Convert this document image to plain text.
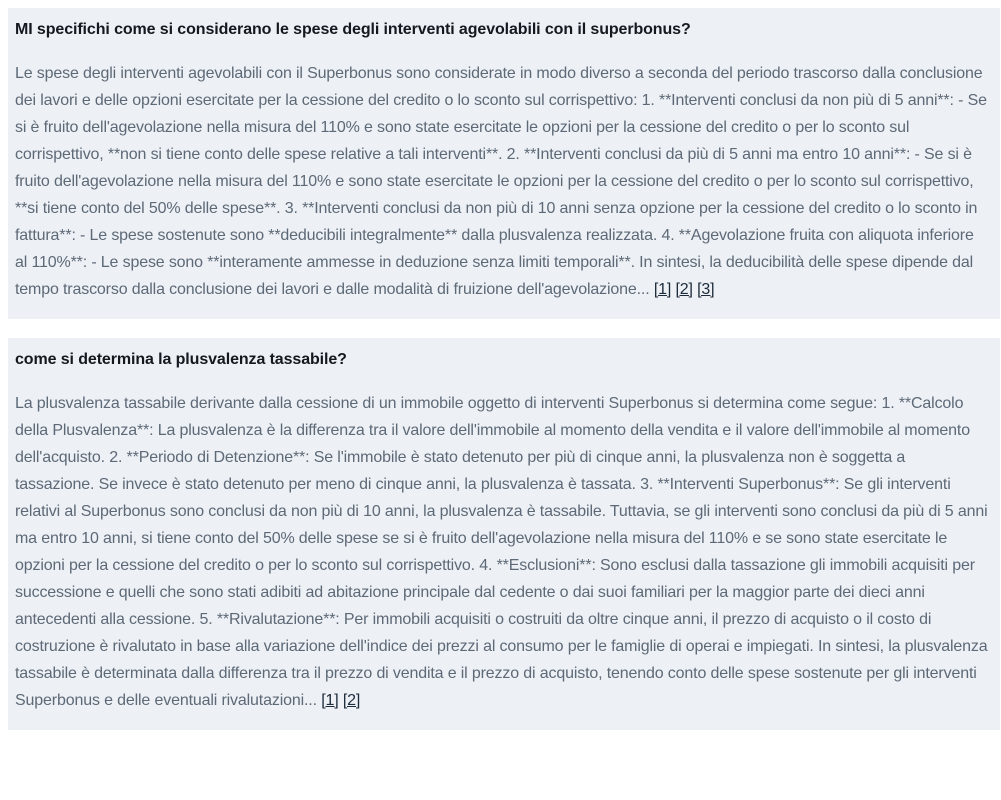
MI specifichi come si considerano le spese degli interventi agevolabili con il superbonus?

Le spese degli interventi agevolabili con il Superbonus sono considerate in modo diverso a seconda del periodo trascorso dalla conclusione dei lavori e delle opzioni esercitate per la cessione del credito o lo sconto sul corrispettivo: 1. **Interventi conclusi da non più di 5 anni**: - Se si è fruito dell'agevolazione nella misura del 110% e sono state esercitate le opzioni per la cessione del credito o per lo sconto sul corrispettivo, **non si tiene conto delle spese relative a tali interventi**. 2. **Interventi conclusi da più di 5 anni ma entro 10 anni**: - Se si è fruito dell'agevolazione nella misura del 110% e sono state esercitate le opzioni per la cessione del credito o per lo sconto sul corrispettivo, **si tiene conto del 50% delle spese**. 3. **Interventi conclusi da non più di 10 anni senza opzione per la cessione del credito o lo sconto in fattura**: - Le spese sostenute sono **deducibili integralmente** dalla plusvalenza realizzata. 4. **Agevolazione fruita con aliquota inferiore al 110%**: - Le spese sono **interamente ammesse in deduzione senza limiti temporali**. In sintesi, la deducibilità delle spese dipende dal tempo trascorso dalla conclusione dei lavori e dalle modalità di fruizione dell'agevolazione... [1] [2] [3]

come si determina la plusvalenza tassabile?

La plusvalenza tassabile derivante dalla cessione di un immobile oggetto di interventi Superbonus si determina come segue: 1. **Calcolo della Plusvalenza**: La plusvalenza è la differenza tra il valore dell'immobile al momento della vendita e il valore dell'immobile al momento dell'acquisto. 2. **Periodo di Detenzione**: Se l'immobile è stato detenuto per più di cinque anni, la plusvalenza non è soggetta a tassazione. Se invece è stato detenuto per meno di cinque anni, la plusvalenza è tassata. 3. **Interventi Superbonus**: Se gli interventi relativi al Superbonus sono conclusi da non più di 10 anni, la plusvalenza è tassabile. Tuttavia, se gli interventi sono conclusi da più di 5 anni ma entro 10 anni, si tiene conto del 50% delle spese se si è fruito dell'agevolazione nella misura del 110% e se sono state esercitate le opzioni per la cessione del credito o per lo sconto sul corrispettivo. 4. **Esclusioni**: Sono esclusi dalla tassazione gli immobili acquisiti per successione e quelli che sono stati adibiti ad abitazione principale dal cedente o dai suoi familiari per la maggior parte dei dieci anni antecedenti alla cessione. 5. **Rivalutazione**: Per immobili acquisiti o costruiti da oltre cinque anni, il prezzo di acquisto o il costo di costruzione è rivalutato in base alla variazione dell'indice dei prezzi al consumo per le famiglie di operai e impiegati. In sintesi, la plusvalenza tassabile è determinata dalla differenza tra il prezzo di vendita e il prezzo di acquisto, tenendo conto delle spese sostenute per gli interventi Superbonus e delle eventuali rivalutazioni... [1] [2]
